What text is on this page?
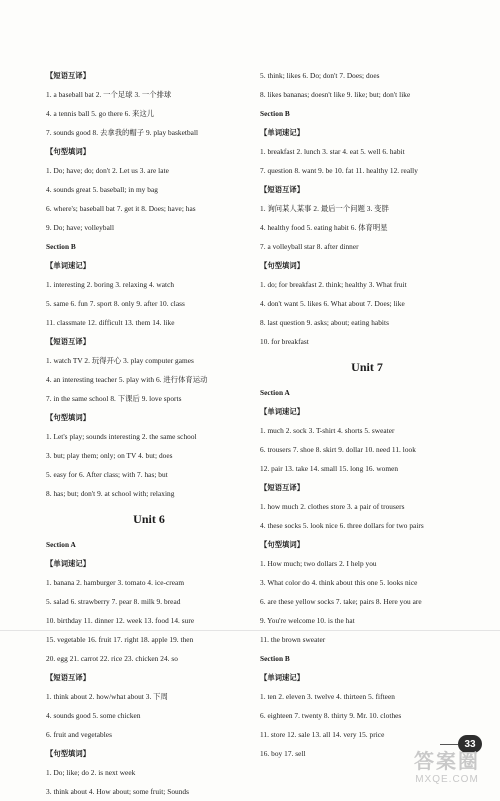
【短语互译】
1. a baseball bat 2. 一个足球 3. 一个排球
4. a tennis ball 5. go there 6. 来这儿
7. sounds good 8. 去拿我的帽子 9. play basketball
【句型填词】
1. Do; have; do; don't 2. Let us 3. are late
4. sounds great 5. baseball; in my bag
6. where's; baseball bat 7. get it 8. Does; have; has
9. Do; have; volleyball
Section B
【单词速记】
1. interesting 2. boring 3. relaxing 4. watch
5. same 6. fun 7. sport 8. only 9. after 10. class
11. classmate 12. difficult 13. them 14. like
【短语互译】
1. watch TV 2. 玩得开心 3. play computer games
4. an interesting teacher 5. play with 6. 进行体育运动
7. in the same school 8. 下课后 9. love sports
【句型填词】
1. Let's play; sounds interesting 2. the same school
3. but; play them; only; on TV 4. but; does
5. easy for 6. After class; with 7. has; but
8. has; but; don't 9. at school with; relaxing
Unit 6
Section A
【单词速记】
1. banana 2. hamburger 3. tomato 4. ice-cream
5. salad 6. strawberry 7. pear 8. milk 9. bread
10. birthday 11. dinner 12. week 13. food 14. sure
15. vegetable 16. fruit 17. right 18. apple 19. then
20. egg 21. carrot 22. rice 23. chicken 24. so
【短语互译】
1. think about 2. how/what about 3. 下周
4. sounds good 5. some chicken
6. fruit and vegetables
【句型填词】
1. Do; like; do 2. is next week
3. think about 4. How about; some fruit; Sounds
5. think; likes 6. Do; don't 7. Does; does
8. likes bananas; doesn't like 9. like; but; don't like
Section B
【单词速记】
1. breakfast 2. lunch 3. star 4. eat 5. well 6. habit
7. question 8. want 9. be 10. fat 11. healthy 12. really
【短语互译】
1. 询问某人某事 2. 最后一个问题 3. 变胖
4. healthy food 5. eating habit 6. 体育明星
7. a volleyball star 8. after dinner
【句型填词】
1. do; for breakfast 2. think; healthy 3. What fruit
4. don't want 5. likes 6. What about 7. Does; like
8. last question 9. asks; about; eating habits
10. for breakfast
Unit 7
Section A
【单词速记】
1. much 2. sock 3. T-shirt 4. shorts 5. sweater
6. trousers 7. shoe 8. skirt 9. dollar 10. need 11. look
12. pair 13. take 14. small 15. long 16. women
【短语互译】
1. how much 2. clothes store 3. a pair of trousers
4. these socks 5. look nice 6. three dollars for two pairs
【句型填词】
1. How much; two dollars 2. I help you
3. What color do 4. think about this one 5. looks nice
6. are these yellow socks 7. take; pairs 8. Here you are
9. You're welcome 10. is the hat
11. the brown sweater
Section B
【单词速记】
1. ten 2. eleven 3. twelve 4. thirteen 5. fifteen
6. eighteen 7. twenty 8. thirty 9. Mr. 10. clothes
11. store 12. sale 13. all 14. very 15. price
16. boy 17. sell
33
答案圈
MXQE.COM
